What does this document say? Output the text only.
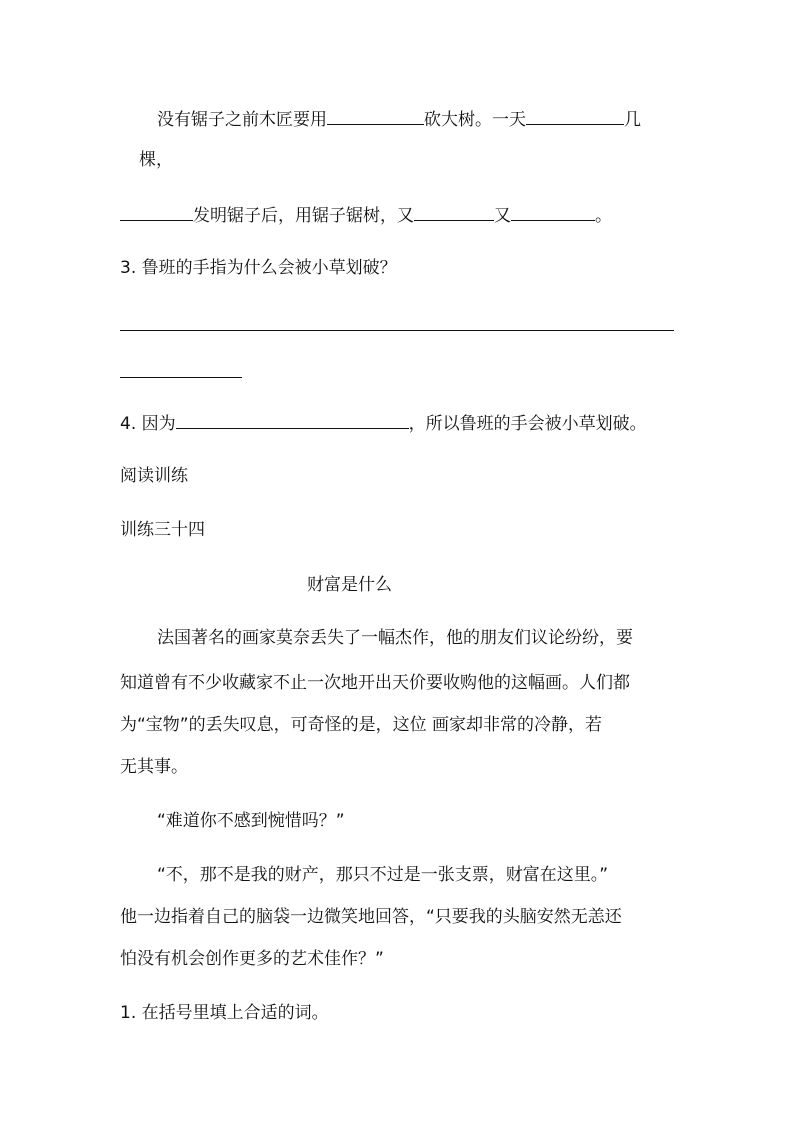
没有锯子之前木匠要用	砍大树。一天	几
棵，
发明锯子后，用锯子锯树，又	又	。
3. 鲁班的手指为什么会被小草划破？
4. 因为	，所以鲁班的手会被小草划破。
阅读训练
训练三十四
财富是什么
法国著名的画家莫奈丢失了一幅杰作，他的朋友们议论纷纷，要
知道曾有不少收藏家不止一次地开出天价要收购他的这幅画。人们都
为“宝物”的丢失叹息，可奇怪的是，这位 画家却非常的冷静，若
无其事。
“难道你不感到惋惜吗？”
“不，那不是我的财产，那只不过是一张支票，财富在这里。”
他一边指着自己的脑袋一边微笑地回答，“只要我的头脑安然无恙还
怕没有机会创作更多的艺术佳作？”
1. 在括号里填上合适的词。
